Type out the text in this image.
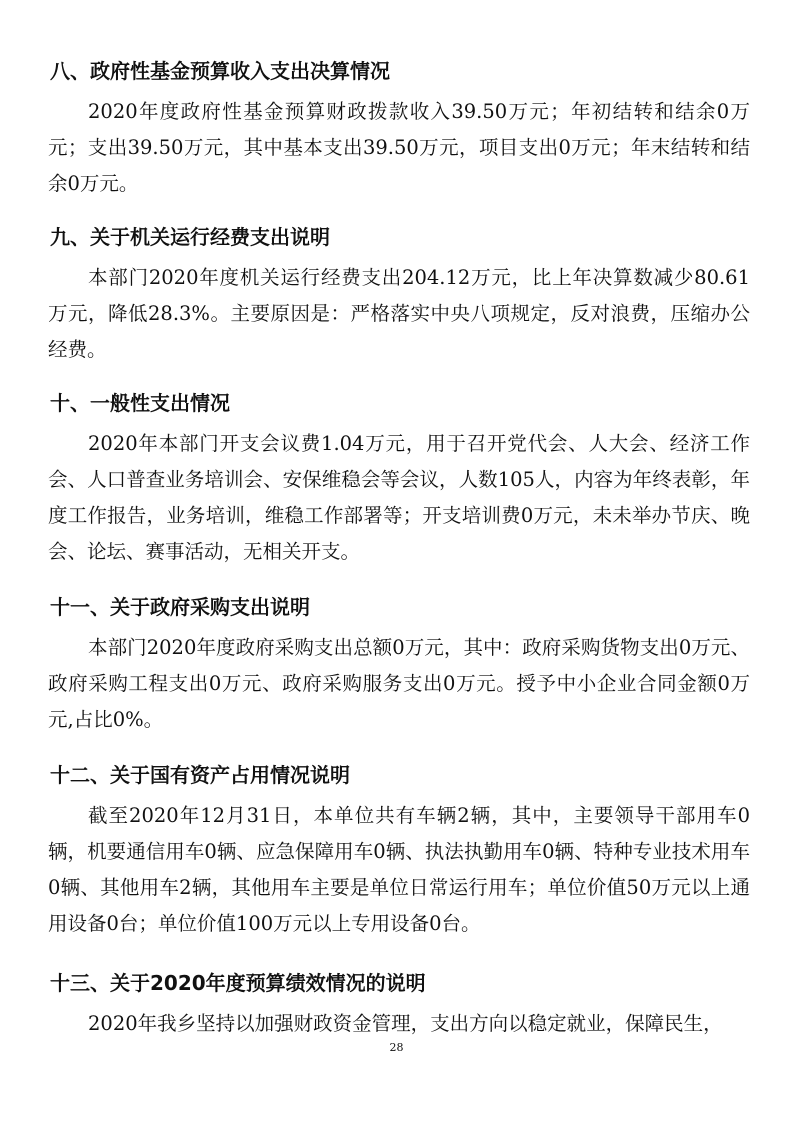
八、政府性基金预算收入支出决算情况

2020年度政府性基金预算财政拨款收入39.50万元；年初结转和结余0万元；支出39.50万元，其中基本支出39.50万元，项目支出0万元；年末结转和结余0万元。

九、关于机关运行经费支出说明

本部门2020年度机关运行经费支出204.12万元，比上年决算数减少80.61 万元，降低28.3%。主要原因是：严格落实中央八项规定，反对浪费，压缩办公经费。

十、一般性支出情况

2020年本部门开支会议费1.04万元，用于召开党代会、人大会、经济工作会、人口普查业务培训会、安保维稳会等会议，人数105人，内容为年终表彰，年度工作报告，业务培训，维稳工作部署等；开支培训费0万元，未未举办节庆、晚会、论坛、赛事活动，无相关开支。

十一、关于政府采购支出说明

本部门2020年度政府采购支出总额0万元，其中：政府采购货物支出0万元、政府采购工程支出0万元、政府采购服务支出0万元。授予中小企业合同金额0万元,占比0%。

十二、关于国有资产占用情况说明

截至2020年12月31日，本单位共有车辆2辆，其中，主要领导干部用车0辆，机要通信用车0辆、应急保障用车0辆、执法执勤用车0辆、特种专业技术用车0辆、其他用车2辆，其他用车主要是单位日常运行用车；单位价值50万元以上通用设备0台；单位价值100万元以上专用设备0台。

十三、关于2020年度预算绩效情况的说明

2020年我乡坚持以加强财政资金管理，支出方向以稳定就业，保障民生，

28
